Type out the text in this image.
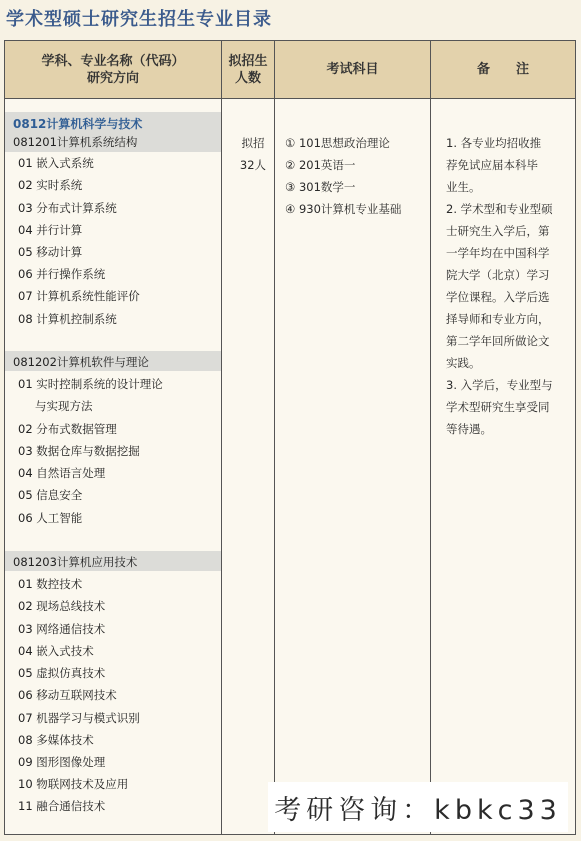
学术型硕士研究生招生专业目录
学科、专业名称（代码）
研究方向
拟招生
人数
考试科目	备　　注
0812计算机科学与技术
081201计算机系统结构
01 嵌入式系统
02 实时系统
03 分布式计算系统
04 并行计算
05 移动计算
06 并行操作系统
07 计算机系统性能评价
08 计算机控制系统
081202计算机软件与理论
01 实时控制系统的设计理论
与实现方法
02 分布式数据管理
03 数据仓库与数据挖掘
04 自然语言处理
05 信息安全
06 人工智能
081203计算机应用技术
01 数控技术
02 现场总线技术
03 网络通信技术
04 嵌入式技术
05 虚拟仿真技术
06 移动互联网技术
07 机器学习与模式识别
08 多媒体技术
09 图形图像处理
10 物联网技术及应用
11 融合通信技术
拟招
32人
① 101思想政治理论
② 201英语一
③ 301数学一
④ 930计算机专业基础
1. 各专业均招收推
荐免试应届本科毕
业生。
2. 学术型和专业型硕
士研究生入学后，第
一学年均在中国科学
院大学（北京）学习
学位课程。入学后选
择导师和专业方向，
第二学年回所做论文
实践。
3. 入学后，专业型与
学术型研究生享受同
等待遇。
考研咨询：kbkc33
